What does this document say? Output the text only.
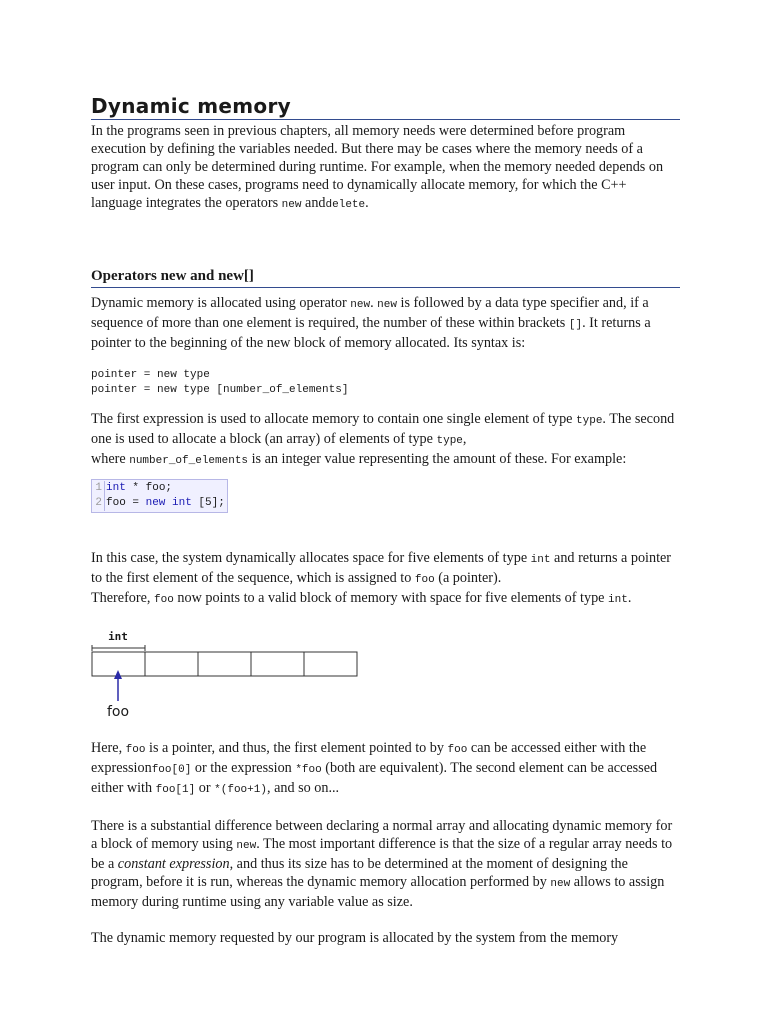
Dynamic memory

In the programs seen in previous chapters, all memory needs were determined before program execution by defining the variables needed. But there may be cases where the memory needs of a program can only be determined during runtime. For example, when the memory needed depends on user input. On these cases, programs need to dynamically allocate memory, for which the C++ language integrates the operators new anddelete.

Operators new and new[]

Dynamic memory is allocated using operator new. new is followed by a data type specifier and, if a sequence of more than one element is required, the number of these within brackets []. It returns a pointer to the beginning of the new block of memory allocated. Its syntax is:

pointer = new type
pointer = new type [number_of_elements]

The first expression is used to allocate memory to contain one single element of type type. The second one is used to allocate a block (an array) of elements of type type,
where number_of_elements is an integer value representing the amount of these. For example:

1 int * foo;
2 foo = new int [5];

In this case, the system dynamically allocates space for five elements of type int and returns a pointer to the first element of the sequence, which is assigned to foo (a pointer).
Therefore, foo now points to a valid block of memory with space for five elements of type int.

int
foo

Here, foo is a pointer, and thus, the first element pointed to by foo can be accessed either with the expressionfoo[0] or the expression *foo (both are equivalent). The second element can be accessed either with foo[1] or *(foo+1), and so on...

There is a substantial difference between declaring a normal array and allocating dynamic memory for a block of memory using new. The most important difference is that the size of a regular array needs to be a constant expression, and thus its size has to be determined at the moment of designing the program, before it is run, whereas the dynamic memory allocation performed by new allows to assign memory during runtime using any variable value as size.

The dynamic memory requested by our program is allocated by the system from the memory
